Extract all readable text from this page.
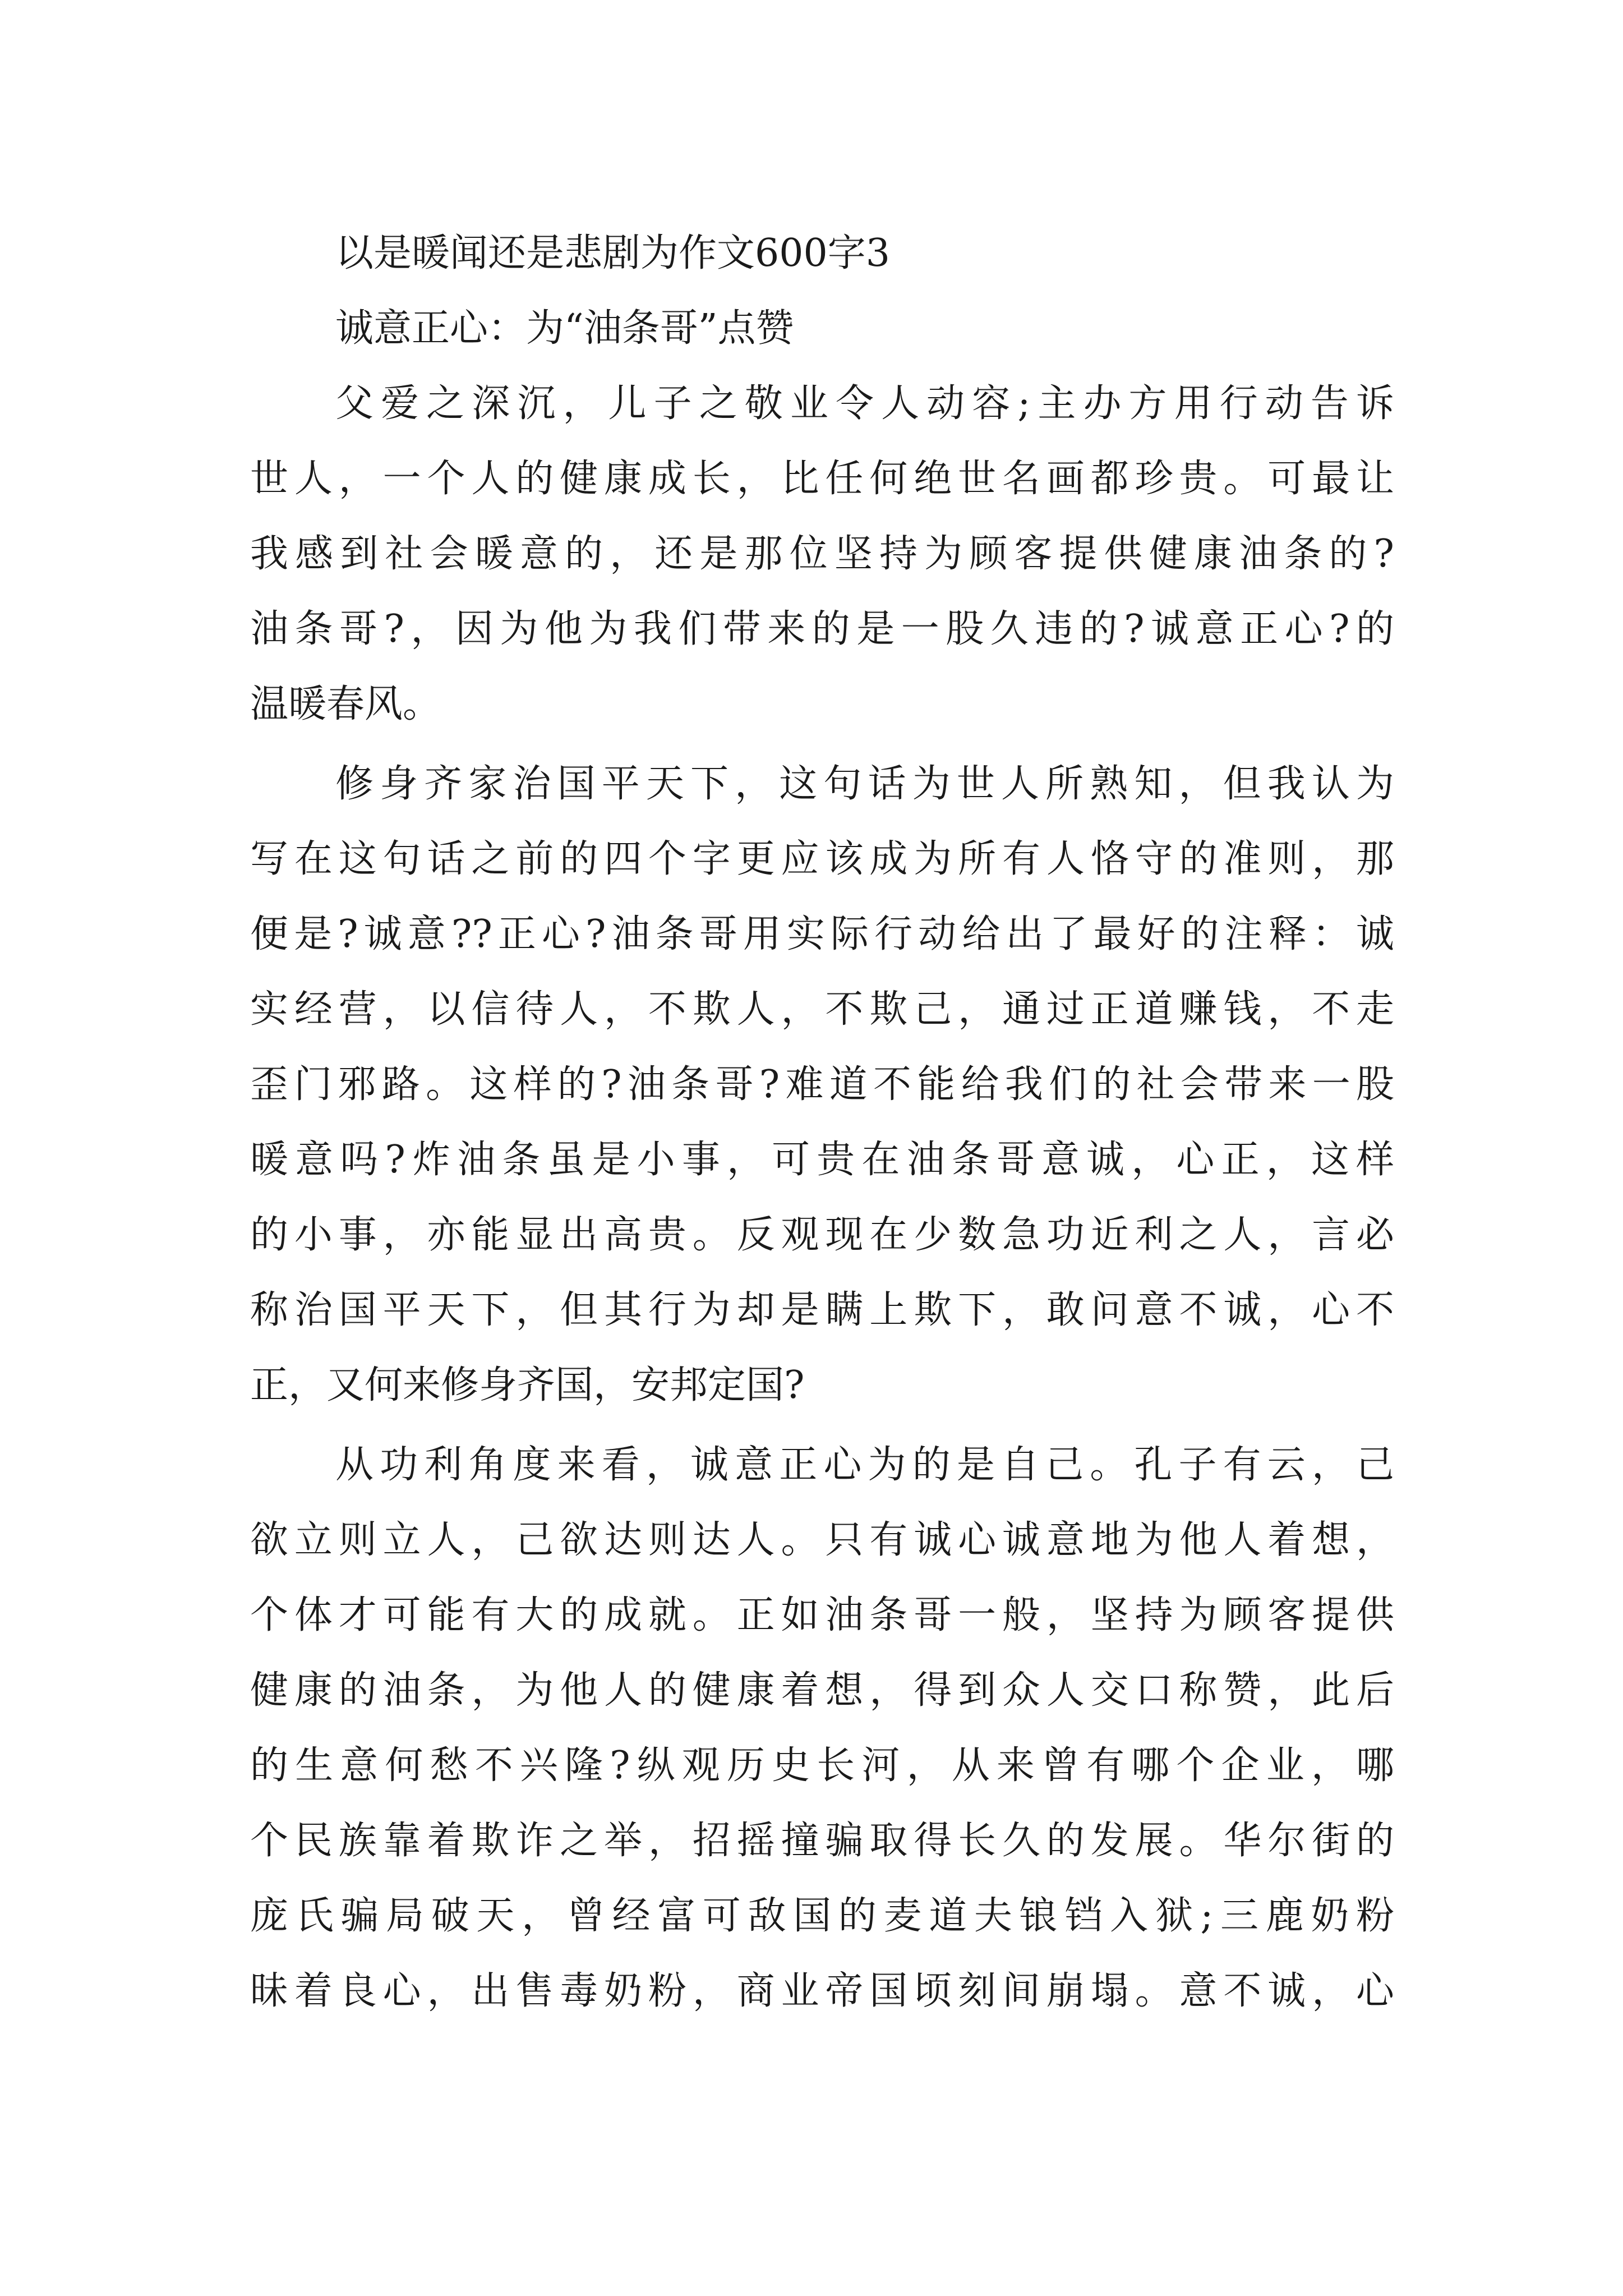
以是暖闻还是悲剧为作文600字3
诚意正心：为“油条哥”点赞
父爱之深沉，儿子之敬业令人动容;主办方用行动告诉
世人，一个人的健康成长，比任何绝世名画都珍贵。可最让
我感到社会暖意的，还是那位坚持为顾客提供健康油条的?
油条哥?，因为他为我们带来的是一股久违的?诚意正心?的
温暖春风。
修身齐家治国平天下，这句话为世人所熟知，但我认为
写在这句话之前的四个字更应该成为所有人恪守的准则，那
便是?诚意??正心?油条哥用实际行动给出了最好的注释：诚
实经营，以信待人，不欺人，不欺己，通过正道赚钱，不走
歪门邪路。这样的?油条哥?难道不能给我们的社会带来一股
暖意吗?炸油条虽是小事，可贵在油条哥意诚，心正，这样
的小事，亦能显出高贵。反观现在少数急功近利之人，言必
称治国平天下，但其行为却是瞒上欺下，敢问意不诚，心不
正，又何来修身齐国，安邦定国?
从功利角度来看，诚意正心为的是自己。孔子有云，己
欲立则立人，己欲达则达人。只有诚心诚意地为他人着想，
个体才可能有大的成就。正如油条哥一般，坚持为顾客提供
健康的油条，为他人的健康着想，得到众人交口称赞，此后
的生意何愁不兴隆?纵观历史长河，从来曾有哪个企业，哪
个民族靠着欺诈之举，招摇撞骗取得长久的发展。华尔街的
庞氏骗局破天，曾经富可敌国的麦道夫锒铛入狱;三鹿奶粉
昧着良心，出售毒奶粉，商业帝国顷刻间崩塌。意不诚，心
